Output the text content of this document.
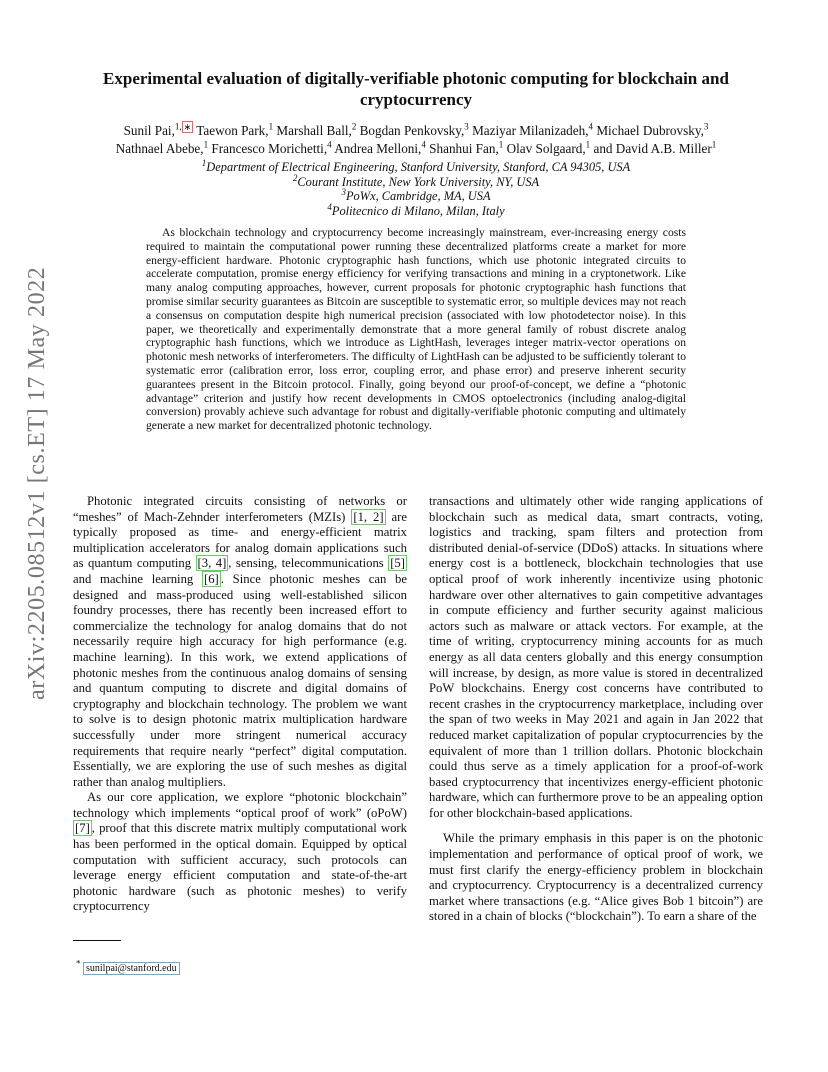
arXiv:2205.08512v1 [cs.ET] 17 May 2022
Experimental evaluation of digitally-verifiable photonic computing for blockchain and cryptocurrency
Sunil Pai,$^{1,}$ ∗ Taewon Park,$^1$ Marshall Ball,$^2$ Bogdan Penkovsky,$^3$ Maziyar Milanizadeh,$^4$ Michael Dubrovsky,$^3$
Nathnael Abebe,$^1$ Francesco Morichetti,$^4$ Andrea Melloni,$^4$ Shanhui Fan,$^1$ Olav Solgaard,$^1$ and David A.B. Miller$^1$
$^1$Department of Electrical Engineering, Stanford University, Stanford, CA 94305, USA
$^2$Courant Institute, New York University, NY, USA
$^3$PoWx, Cambridge, MA, USA
$^4$Politecnico di Milano, Milan, Italy

As blockchain technology and cryptocurrency become increasingly mainstream, ever-increasing energy costs required to maintain the computational power running these decentralized platforms create a market for more energy-efficient hardware. Photonic cryptographic hash functions, which use photonic integrated circuits to accelerate computation, promise energy efficiency for verifying transactions and mining in a cryptonetwork. Like many analog computing approaches, however, current proposals for photonic cryptographic hash functions that promise similar security guarantees as Bitcoin are susceptible to systematic error, so multiple devices may not reach a consensus on computation despite high numerical precision (associated with low photodetector noise). In this paper, we theoretically and experimentally demonstrate that a more general family of robust discrete analog cryptographic hash functions, which we introduce as LightHash, leverages integer matrix-vector operations on photonic mesh networks of interferometers. The difficulty of LightHash can be adjusted to be sufficiently tolerant to systematic error (calibration error, loss error, coupling error, and phase error) and preserve inherent security guarantees present in the Bitcoin protocol. Finally, going beyond our proof-of-concept, we define a “photonic advantage” criterion and justify how recent developments in CMOS optoelectronics (including analog-digital conversion) provably achieve such advantage for robust and digitally-verifiable photonic computing and ultimately generate a new market for decentralized photonic technology.

Photonic integrated circuits consisting of networks or “meshes” of Mach-Zehnder interferometers (MZIs) [1, 2] are typically proposed as time- and energy-efficient matrix multiplication accelerators for analog domain applications such as quantum computing [3, 4] , sensing, telecommunications [5] and machine learning [6] . Since photonic meshes can be designed and mass-produced using well-established silicon foundry processes, there has recently been increased effort to commercialize the technology for analog domains that do not necessarily require high accuracy for high performance (e.g. machine learning). In this work, we extend applications of photonic meshes from the continuous analog domains of sensing and quantum computing to discrete and digital domains of cryptography and blockchain technology. The problem we want to solve is to design photonic matrix multiplication hardware successfully under more stringent numerical accuracy requirements that require nearly “perfect” digital computation. Essentially, we are exploring the use of such meshes as digital rather than analog multipliers.

As our core application, we explore “photonic blockchain” technology which implements “optical proof of work” (oPoW) [7] , proof that this discrete matrix multiply computational work has been performed in the optical domain. Equipped by optical computation with sufficient accuracy, such protocols can leverage energy efficient computation and state-of-the-art photonic hardware (such as photonic meshes) to verify cryptocurrency

transactions and ultimately other wide ranging applications of blockchain such as medical data, smart contracts, voting, logistics and tracking, spam filters and protection from distributed denial-of-service (DDoS) attacks. In situations where energy cost is a bottleneck, blockchain technologies that use optical proof of work inherently incentivize using photonic hardware over other alternatives to gain competitive advantages in compute efficiency and further security against malicious actors such as malware or attack vectors. For example, at the time of writing, cryptocurrency mining accounts for as much energy as all data centers globally and this energy consumption will increase, by design, as more value is stored in decentralized PoW blockchains. Energy cost concerns have contributed to recent crashes in the cryptocurrency marketplace, including over the span of two weeks in May 2021 and again in Jan 2022 that reduced market capitalization of popular cryptocurrencies by the equivalent of more than 1 trillion dollars. Photonic blockchain could thus serve as a timely application for a proof-of-work based cryptocurrency that incentivizes energy-efficient photonic hardware, which can furthermore prove to be an appealing option for other blockchain-based applications.

While the primary emphasis in this paper is on the photonic implementation and performance of optical proof of work, we must first clarify the energy-efficiency problem in blockchain and cryptocurrency. Cryptocurrency is a decentralized currency market where transactions (e.g. “Alice gives Bob 1 bitcoin”) are stored in a chain of blocks (“blockchain”). To earn a share of the

* sunilpai@stanford.edu
